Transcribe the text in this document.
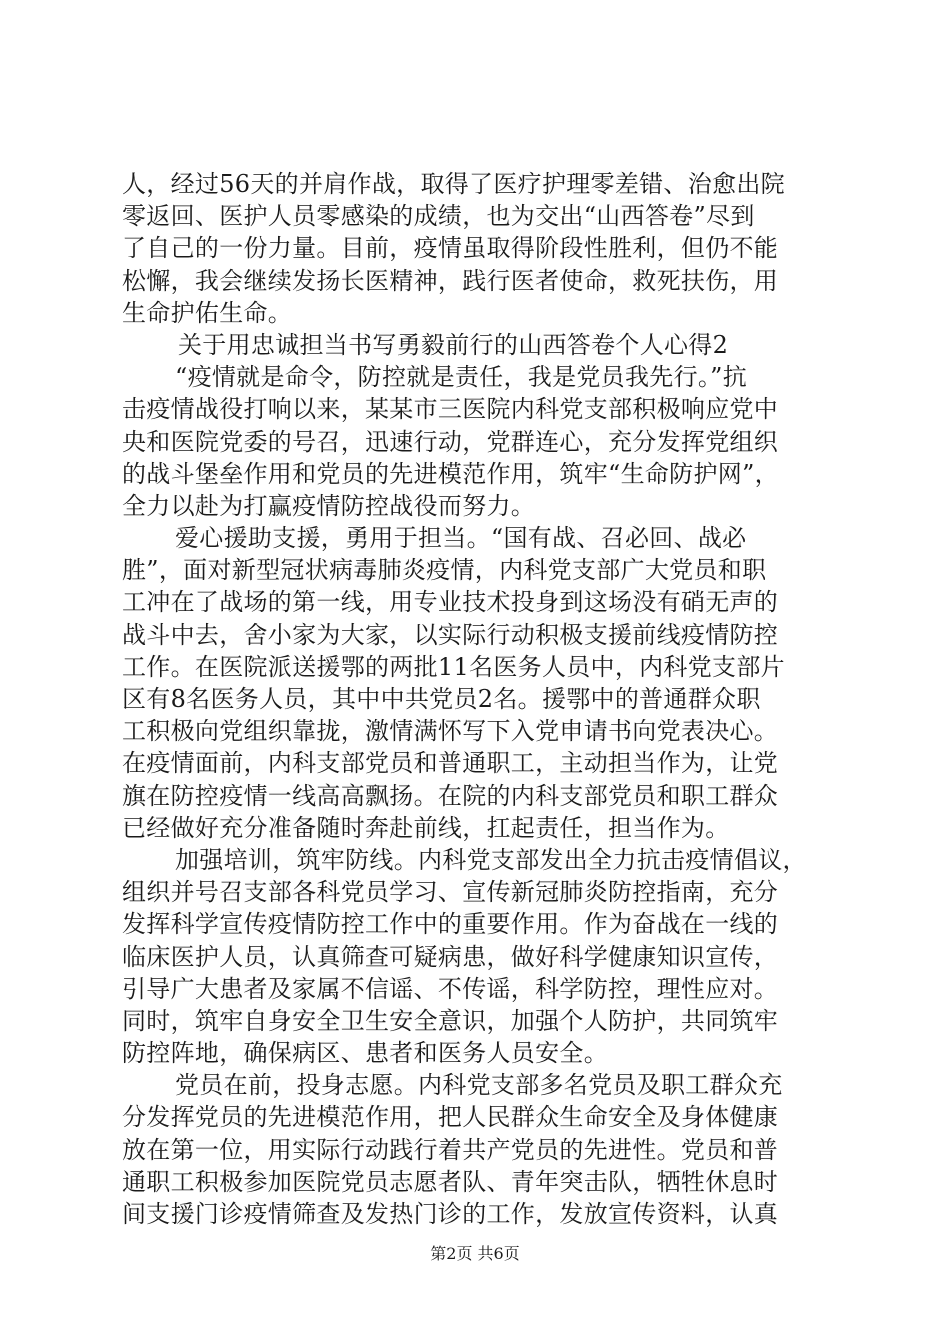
人，经过56天的并肩作战，取得了医疗护理零差错、治愈出院
零返回、医护人员零感染的成绩，也为交出“山西答卷”尽到
了自己的一份力量。目前，疫情虽取得阶段性胜利，但仍不能
松懈，我会继续发扬长医精神，践行医者使命，救死扶伤，用
生命护佑生命。
关于用忠诚担当书写勇毅前行的山西答卷个人心得2
“疫情就是命令，防控就是责任，我是党员我先行。”抗
击疫情战役打响以来，某某市三医院内科党支部积极响应党中
央和医院党委的号召，迅速行动，党群连心，充分发挥党组织
的战斗堡垒作用和党员的先进模范作用，筑牢“生命防护网”，
全力以赴为打赢疫情防控战役而努力。
爱心援助支援，勇用于担当。“国有战、召必回、战必
胜”，面对新型冠状病毒肺炎疫情，内科党支部广大党员和职
工冲在了战场的第一线，用专业技术投身到这场没有硝无声的
战斗中去，舍小家为大家，以实际行动积极支援前线疫情防控
工作。在医院派送援鄂的两批11名医务人员中，内科党支部片
区有8名医务人员，其中中共党员2名。援鄂中的普通群众职
工积极向党组织靠拢，激情满怀写下入党申请书向党表决心。
在疫情面前，内科支部党员和普通职工，主动担当作为，让党
旗在防控疫情一线高高飘扬。在院的内科支部党员和职工群众
已经做好充分准备随时奔赴前线，扛起责任，担当作为。
加强培训，筑牢防线。内科党支部发出全力抗击疫情倡议，
组织并号召支部各科党员学习、宣传新冠肺炎防控指南，充分
发挥科学宣传疫情防控工作中的重要作用。作为奋战在一线的
临床医护人员，认真筛查可疑病患，做好科学健康知识宣传，
引导广大患者及家属不信谣、不传谣，科学防控，理性应对。
同时，筑牢自身安全卫生安全意识，加强个人防护，共同筑牢
防控阵地，确保病区、患者和医务人员安全。
党员在前，投身志愿。内科党支部多名党员及职工群众充
分发挥党员的先进模范作用，把人民群众生命安全及身体健康
放在第一位，用实际行动践行着共产党员的先进性。党员和普
通职工积极参加医院党员志愿者队、青年突击队，牺牲休息时
间支援门诊疫情筛查及发热门诊的工作，发放宣传资料，认真
第2页 共6页
